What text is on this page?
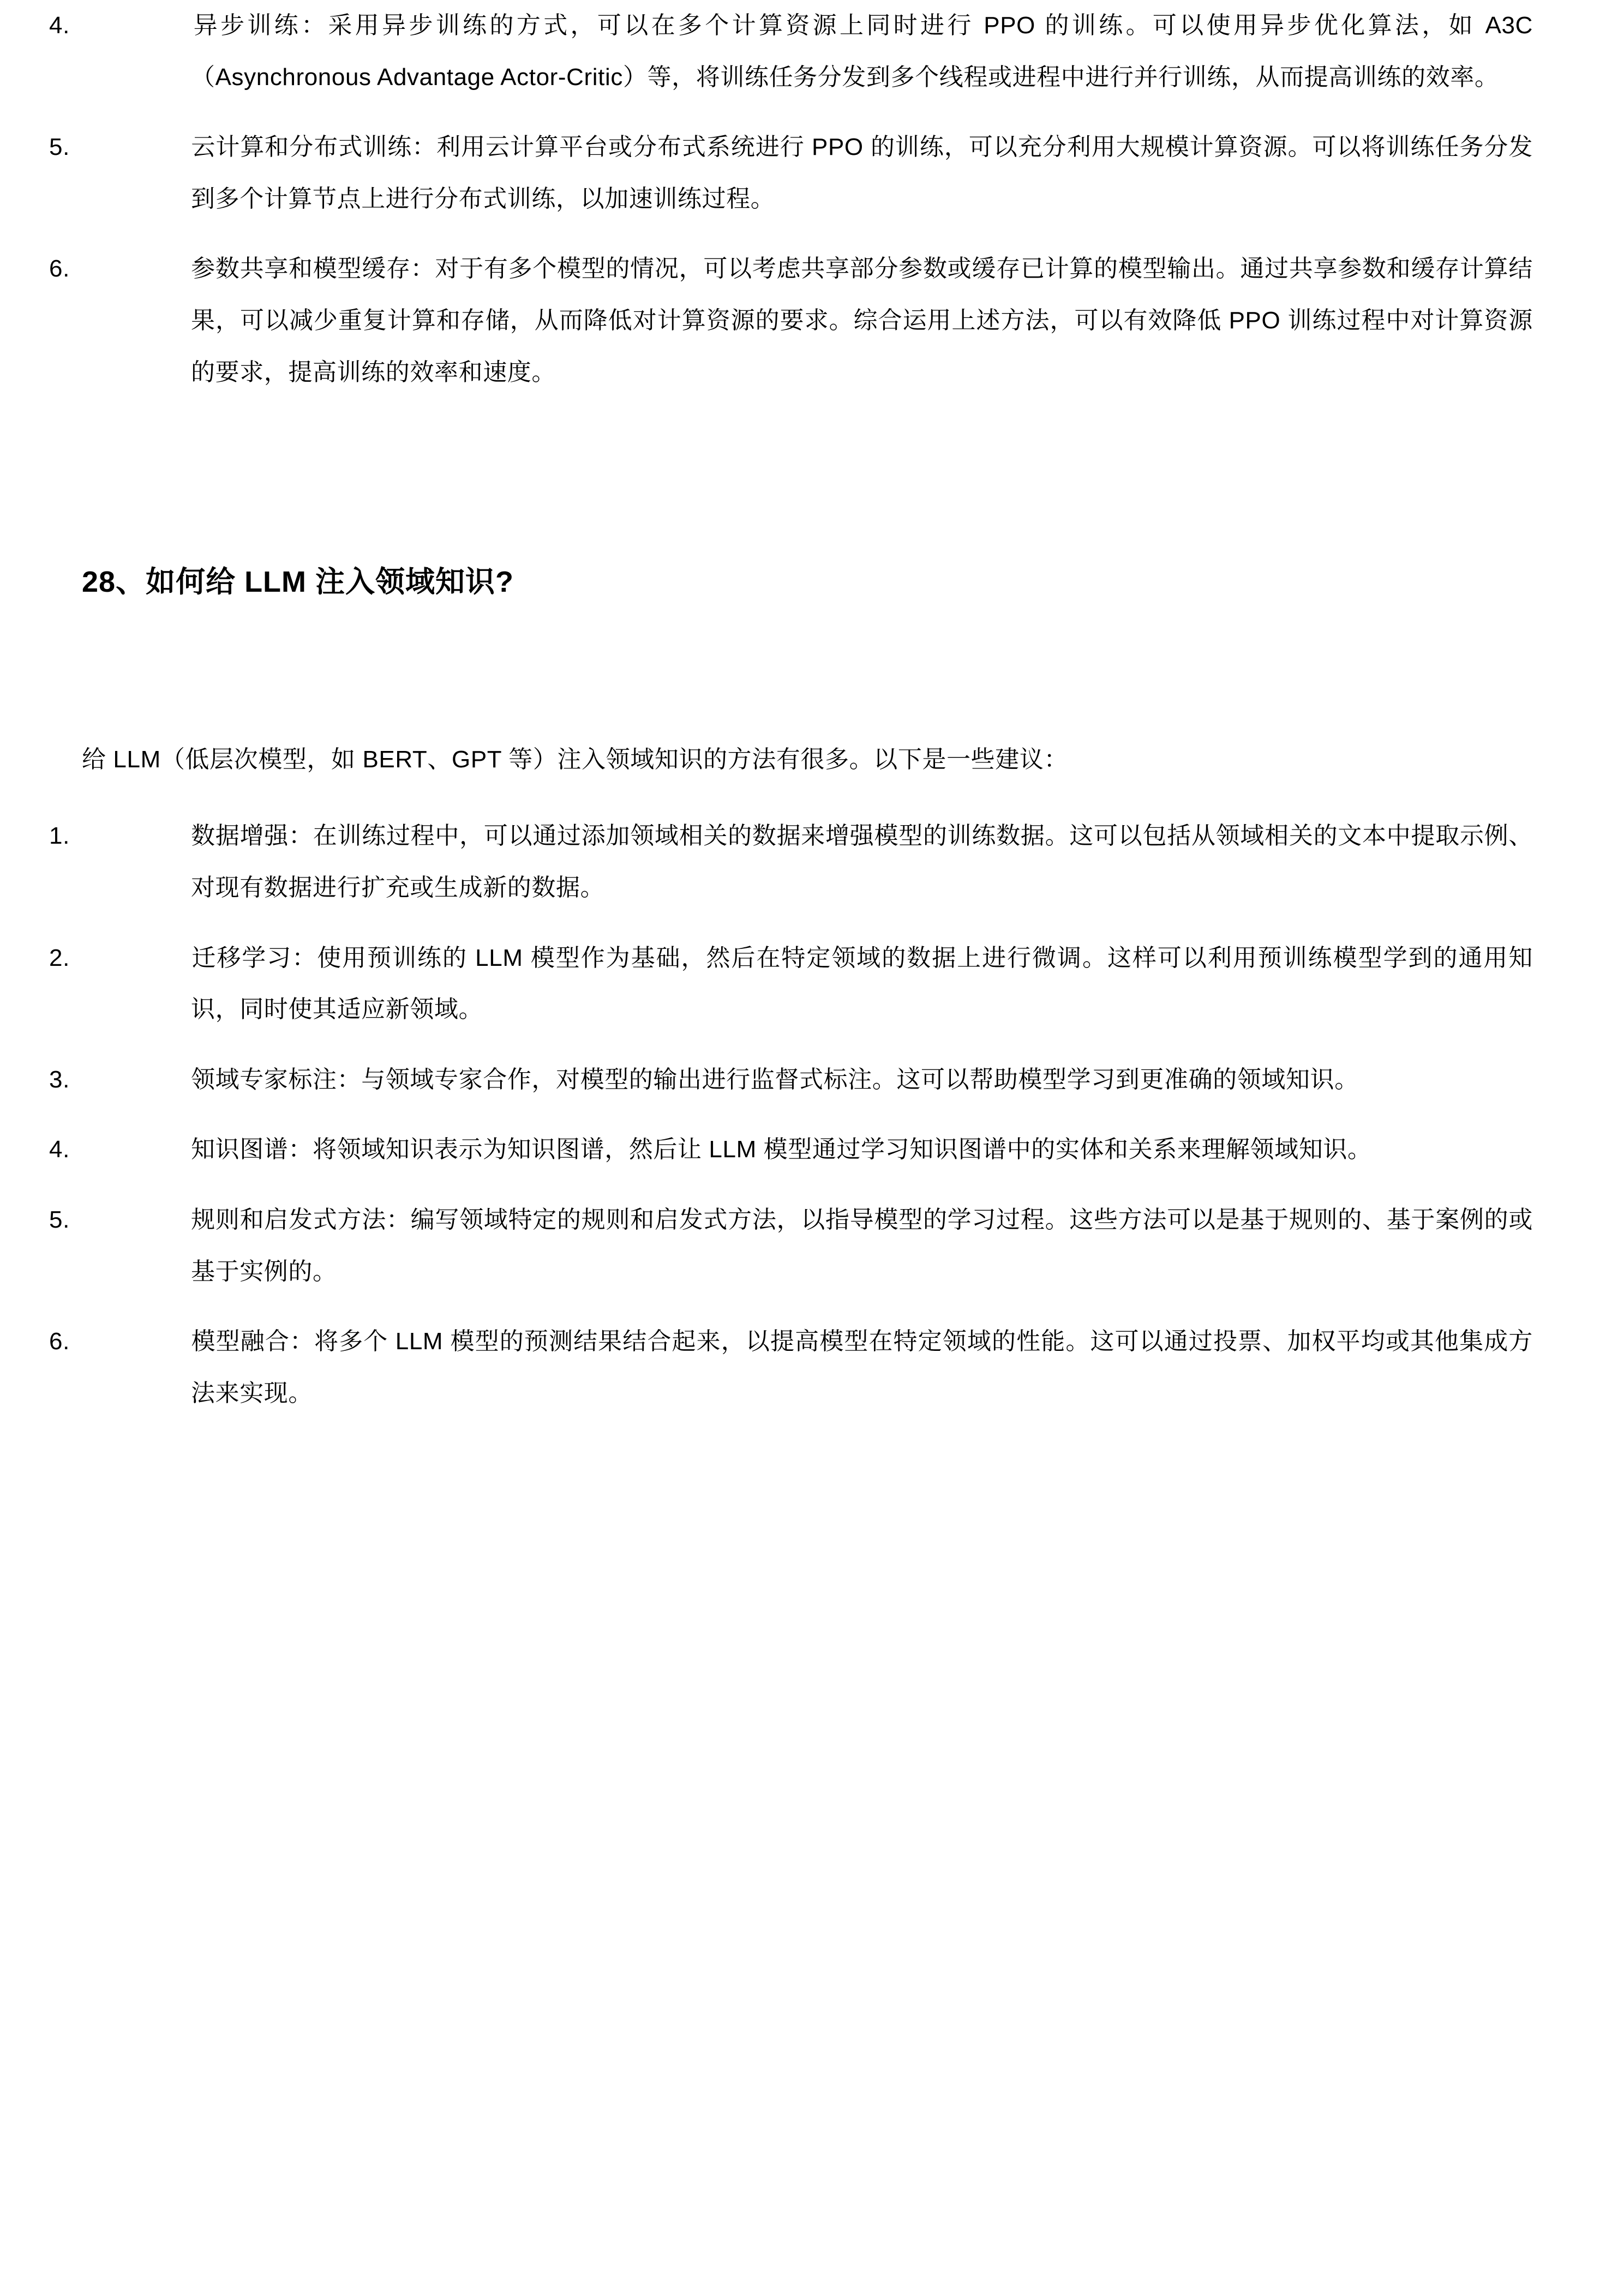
4.	异步训练：采用异步训练的方式，可以在多个计算资源上同时进行 PPO 的训练。可以使用异步优化算法，如 A3C（Asynchronous Advantage Actor-Critic）等，将训练任务分发到多个线程或进程中进行并行训练，从而提高训练的效率。
5.	云计算和分布式训练：利用云计算平台或分布式系统进行 PPO 的训练，可以充分利用大规模计算资源。可以将训练任务分发到多个计算节点上进行分布式训练，以加速训练过程。
6.	参数共享和模型缓存：对于有多个模型的情况，可以考虑共享部分参数或缓存已计算的模型输出。通过共享参数和缓存计算结果，可以减少重复计算和存储，从而降低对计算资源的要求。综合运用上述方法，可以有效降低 PPO 训练过程中对计算资源的要求，提高训练的效率和速度。
28、如何给 LLM 注入领域知识?

给 LLM（低层次模型，如 BERT、GPT 等）注入领域知识的方法有很多。以下是一些建议：

1.	数据增强：在训练过程中，可以通过添加领域相关的数据来增强模型的训练数据。这可以包括从领域相关的文本中提取示例、对现有数据进行扩充或生成新的数据。
2.	迁移学习：使用预训练的 LLM 模型作为基础，然后在特定领域的数据上进行微调。这样可以利用预训练模型学到的通用知识，同时使其适应新领域。
3.	领域专家标注：与领域专家合作，对模型的输出进行监督式标注。这可以帮助模型学习到更准确的领域知识。
4.	知识图谱：将领域知识表示为知识图谱，然后让 LLM 模型通过学习知识图谱中的实体和关系来理解领域知识。
5.	规则和启发式方法：编写领域特定的规则和启发式方法，以指导模型的学习过程。这些方法可以是基于规则的、基于案例的或基于实例的。
6.	模型融合：将多个 LLM 模型的预测结果结合起来，以提高模型在特定领域的性能。这可以通过投票、加权平均或其他集成方法来实现。
